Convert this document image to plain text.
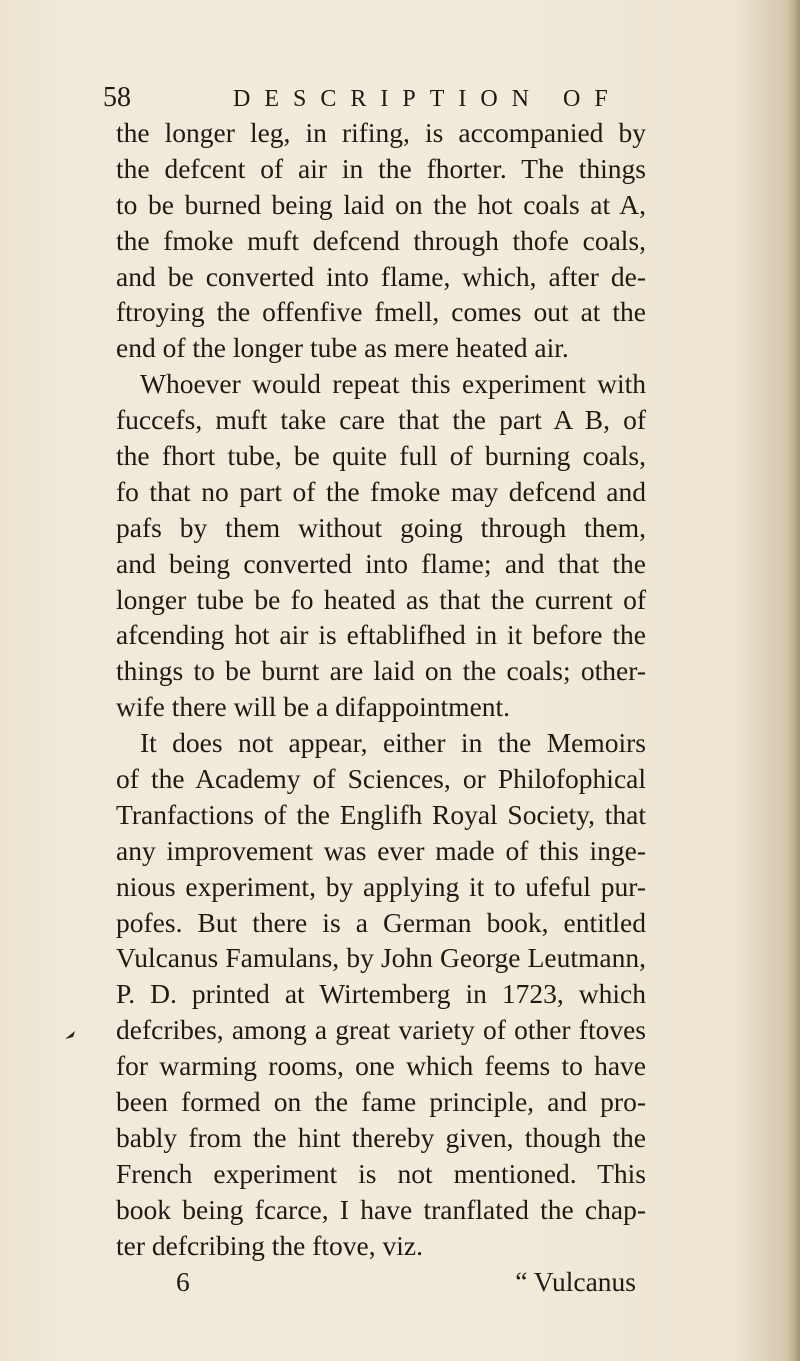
58	DESCRIPTION OF
the longer leg, in rifing, is accompanied by
the defcent of air in the fhorter. The things
to be burned being laid on the hot coals at A,
the fmoke muft defcend through thofe coals,
and be converted into flame, which, after de-
ftroying the offenfive fmell, comes out at the
end of the longer tube as mere heated air.
Whoever would repeat this experiment with
fuccefs, muft take care that the part A B, of
the fhort tube, be quite full of burning coals,
fo that no part of the fmoke may defcend and
pafs by them without going through them,
and being converted into flame; and that the
longer tube be fo heated as that the current of
afcending hot air is eftablifhed in it before the
things to be burnt are laid on the coals; other-
wife there will be a difappointment.
It does not appear, either in the Memoirs
of the Academy of Sciences, or Philofophical
Tranfactions of the Englifh Royal Society, that
any improvement was ever made of this inge-
nious experiment, by applying it to ufeful pur-
pofes. But there is a German book, entitled
Vulcanus Famulans, by John George Leutmann,
P. D. printed at Wirtemberg in 1723, which
defcribes, among a great variety of other ftoves
for warming rooms, one which feems to have
been formed on the fame principle, and pro-
bably from the hint thereby given, though the
French experiment is not mentioned. This
book being fcarce, I have tranflated the chap-
ter defcribing the ftove, viz.
6	“ Vulcanus
